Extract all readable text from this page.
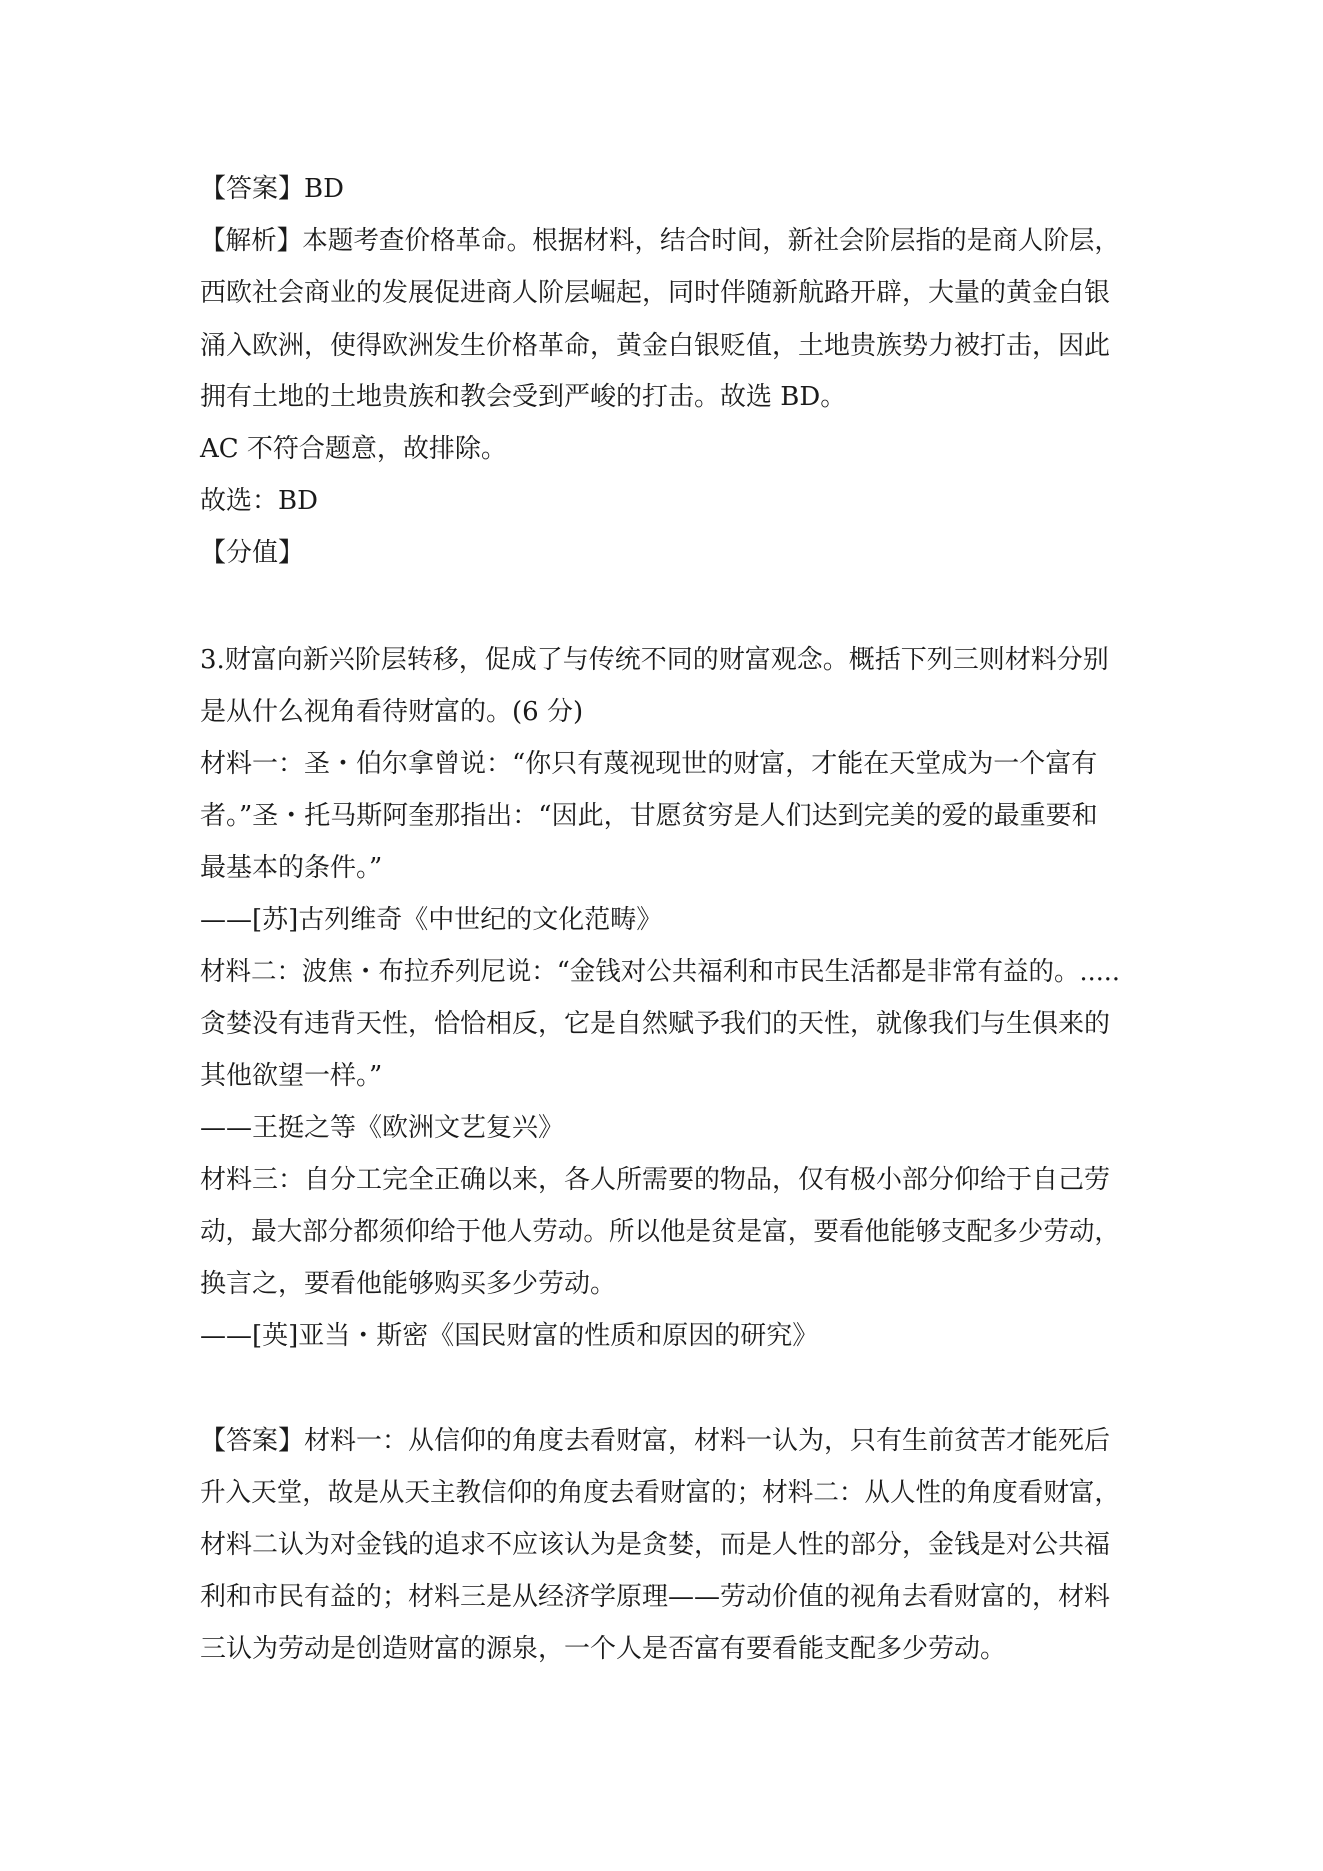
【答案】BD
【解析】本题考查价格革命。根据材料，结合时间，新社会阶层指的是商人阶层，
西欧社会商业的发展促进商人阶层崛起，同时伴随新航路开辟，大量的黄金白银
涌入欧洲，使得欧洲发生价格革命，黄金白银贬值，土地贵族势力被打击，因此
拥有土地的土地贵族和教会受到严峻的打击。故选 BD。
AC 不符合题意，故排除。
故选：BD
【分值】
3.财富向新兴阶层转移，促成了与传统不同的财富观念。概括下列三则材料分别
是从什么视角看待财富的。(6 分)
材料一：圣・伯尔拿曾说：“你只有蔑视现世的财富，才能在天堂成为一个富有
者。”圣・托马斯阿奎那指出：“因此，甘愿贫穷是人们达到完美的爱的最重要和
最基本的条件。”
——[苏]古列维奇《中世纪的文化范畴》
材料二：波焦・布拉乔列尼说：“金钱对公共福利和市民生活都是非常有益的。.....
贪婪没有违背天性，恰恰相反，它是自然赋予我们的天性，就像我们与生俱来的
其他欲望一样。”
——王挺之等《欧洲文艺复兴》
材料三：自分工完全正确以来，各人所需要的物品，仅有极小部分仰给于自己劳
动，最大部分都须仰给于他人劳动。所以他是贫是富，要看他能够支配多少劳动，
换言之，要看他能够购买多少劳动。
——[英]亚当・斯密《国民财富的性质和原因的研究》
【答案】材料一：从信仰的角度去看财富，材料一认为，只有生前贫苦才能死后
升入天堂，故是从天主教信仰的角度去看财富的；材料二：从人性的角度看财富，
材料二认为对金钱的追求不应该认为是贪婪，而是人性的部分，金钱是对公共福
利和市民有益的；材料三是从经济学原理——劳动价值的视角去看财富的，材料
三认为劳动是创造财富的源泉，一个人是否富有要看能支配多少劳动。
